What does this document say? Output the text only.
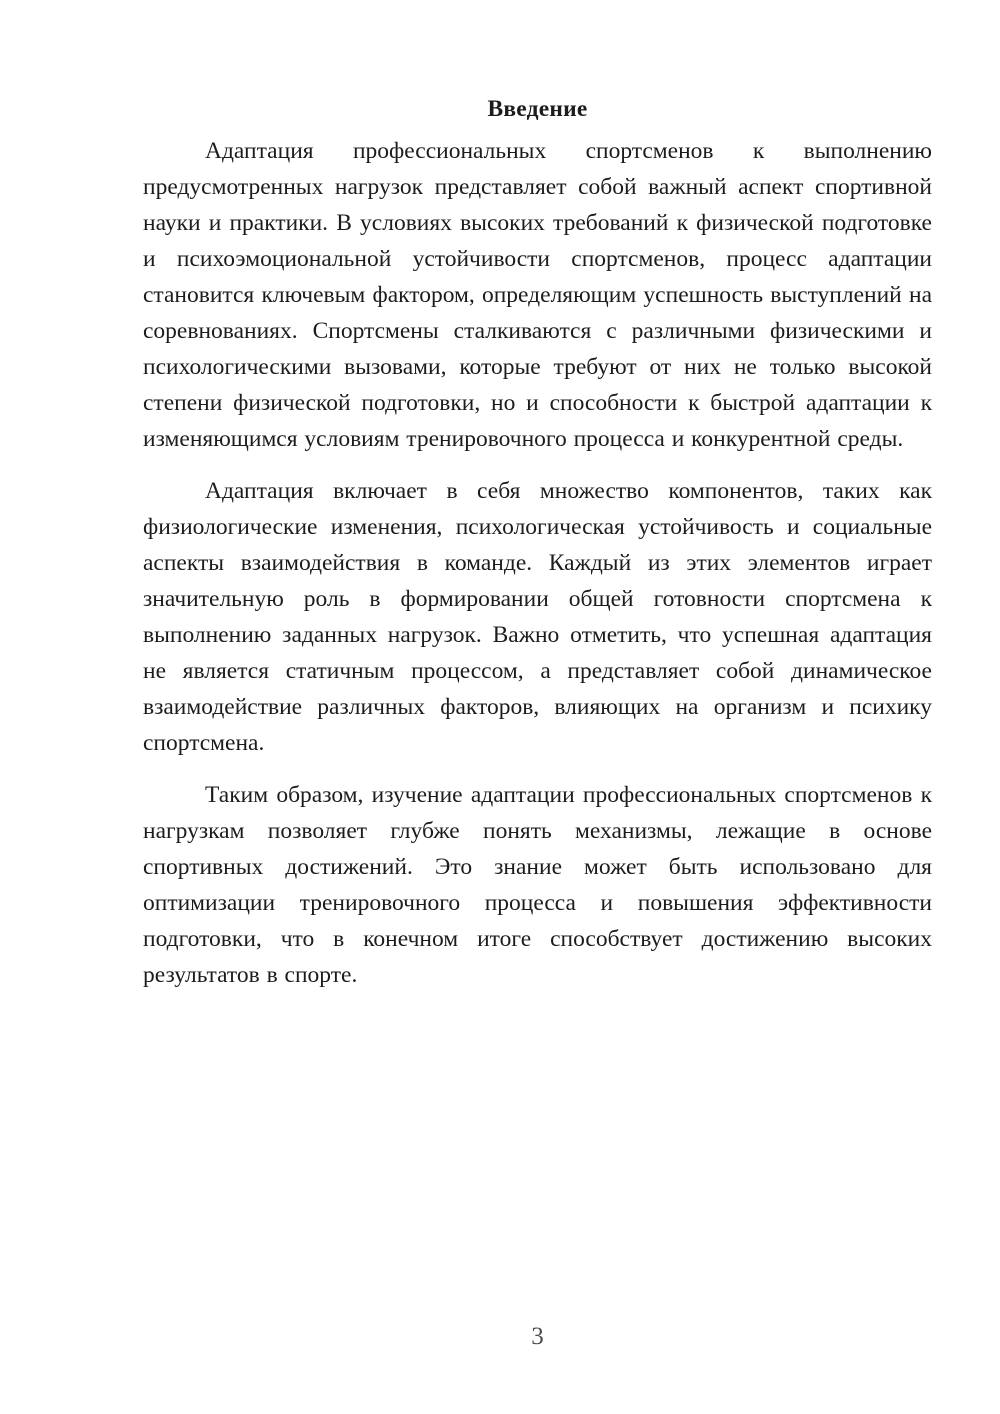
Введение

Адаптация профессиональных спортсменов к выполнению предусмотренных нагрузок представляет собой важный аспект спортивной науки и практики. В условиях высоких требований к физической подготовке и психоэмоциональной устойчивости спортсменов, процесс адаптации становится ключевым фактором, определяющим успешность выступлений на соревнованиях. Спортсмены сталкиваются с различными физическими и психологическими вызовами, которые требуют от них не только высокой степени физической подготовки, но и способности к быстрой адаптации к изменяющимся условиям тренировочного процесса и конкурентной среды.

Адаптация включает в себя множество компонентов, таких как физиологические изменения, психологическая устойчивость и социальные аспекты взаимодействия в команде. Каждый из этих элементов играет значительную роль в формировании общей готовности спортсмена к выполнению заданных нагрузок. Важно отметить, что успешная адаптация не является статичным процессом, а представляет собой динамическое взаимодействие различных факторов, влияющих на организм и психику спортсмена.

Таким образом, изучение адаптации профессиональных спортсменов к нагрузкам позволяет глубже понять механизмы, лежащие в основе спортивных достижений. Это знание может быть использовано для оптимизации тренировочного процесса и повышения эффективности подготовки, что в конечном итоге способствует достижению высоких результатов в спорте.

3
